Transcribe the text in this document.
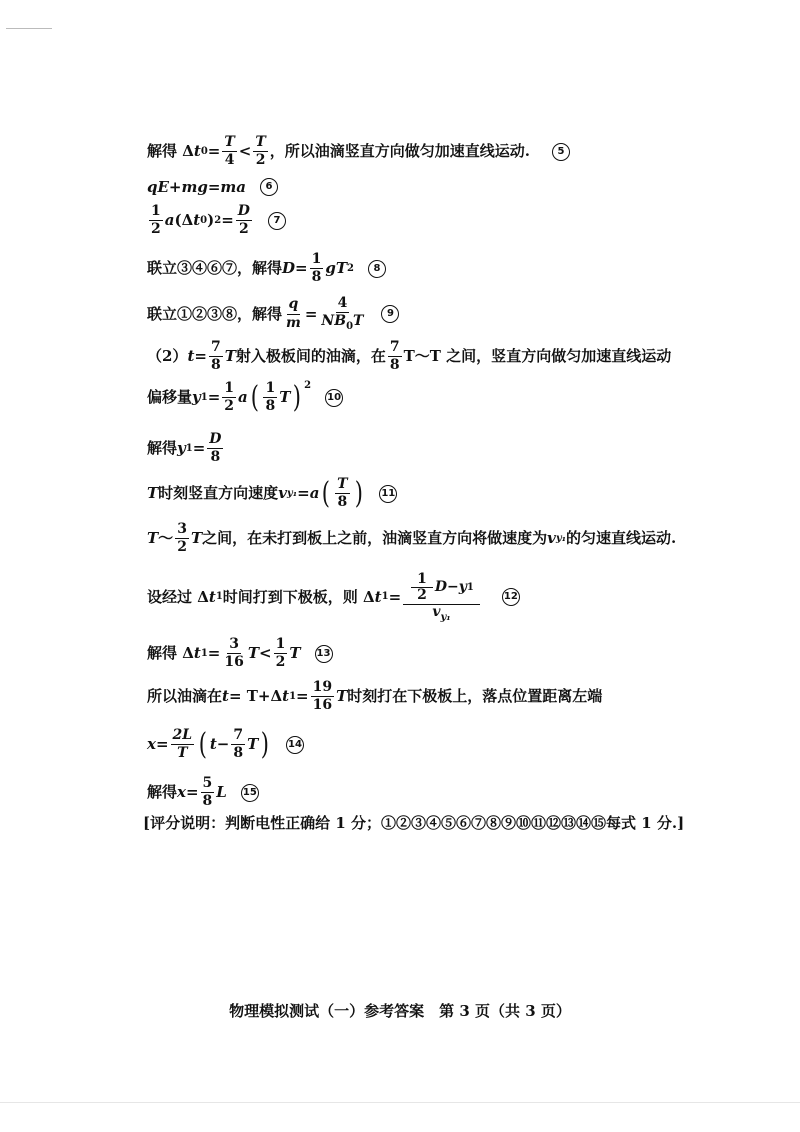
解得 Δ t $0 = \frac{T}{4} < \frac{T}{2}$ ，所以油滴竖直方向做匀加速直线运动.	5
qE+mg=ma	6
$\frac{1}{2}$ a (Δ t 0 ) $2 = \frac{D}{2}$	7
联立③④⑥⑦，解得 $D = \frac{1}{8}$ gT 2	8
联立①②③⑧，解得 $\frac{q}{m} = \frac{4}{NB_0T}$	9
（2） $t = \frac{7}{8}$ T 射入极板间的油滴，在 $\frac{7}{8}$ T～T 之间，竖直方向做匀加速直线运动
偏移量 y $1 = \frac{1}{2}$ a ( $\frac{1}{8}$ T ) $^2$
10
解得 y $1 = \frac{D}{8}$
T 时刻竖直方向速度 v y₁ = a ( $\frac{T}{8}$ ) 11
T ～ $\frac{3}{2}$ T 之间，在未打到板上之前，油滴竖直方向将做速度为 v y₁ 的匀速直线运动.
设经过 Δ t 1 时间打到下极板，则 Δ t $1 = \frac{\frac{1}{2} D - y 1}{v_{y_1}} 12$
解得 Δ t $1 = \frac{3}{16}$ $T < \frac{1}{2}$ T 13
所以油滴在 t = T+Δ t $1 = \frac{19}{16}$ T 时刻打在下极板上，落点位置距离左端
$x = \frac{2L}{T}$ ( $t- \frac{7}{8}$ T ) 14
解得 $x = \frac{5}{8}$ L 15
[评分说明：判断电性正确给 1 分；①②③④⑤⑥⑦⑧⑨⑩⑪⑫⑬⑭⑮每式 1 分.]
物理模拟测试（一）参考答案　第 3 页（共 3 页）
